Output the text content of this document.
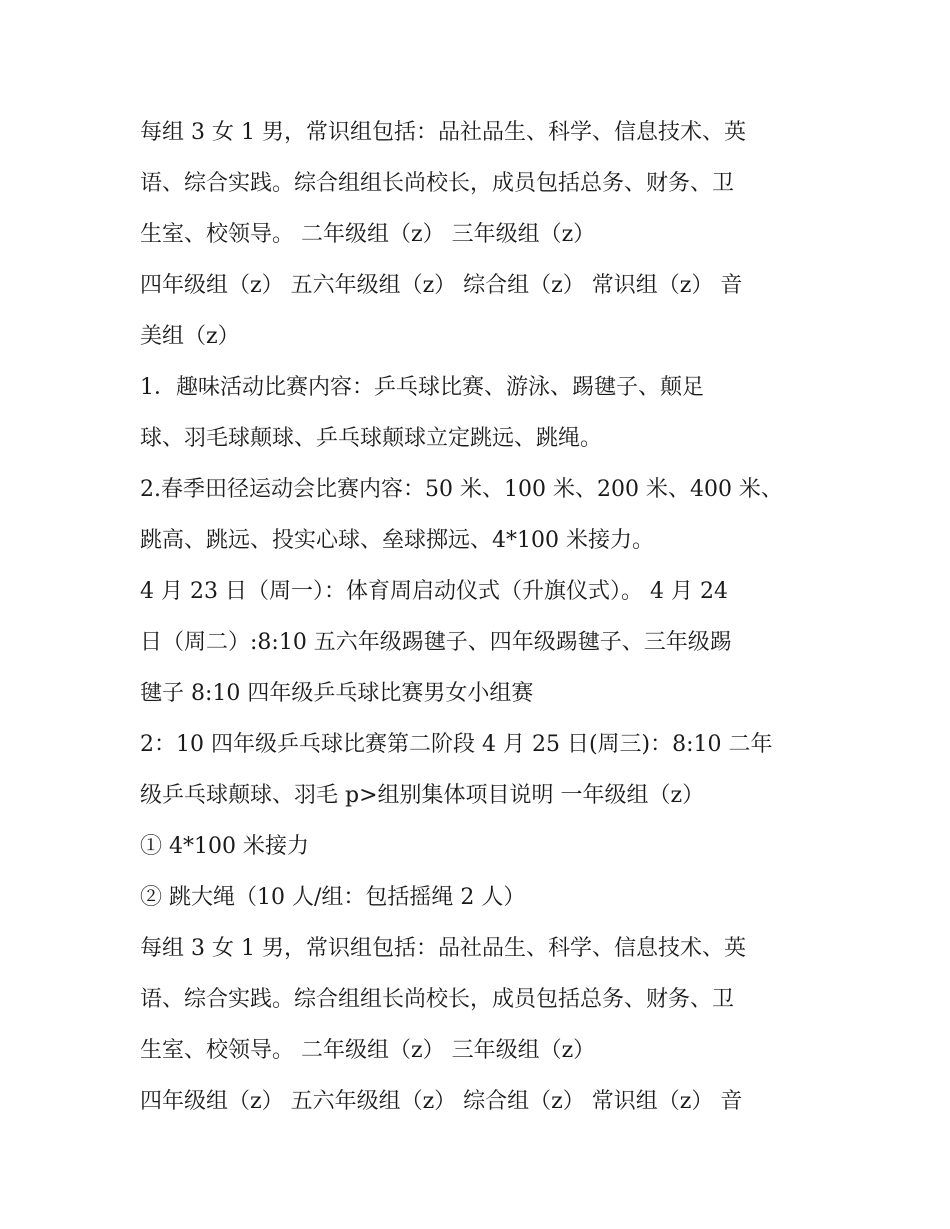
每组 3 女 1 男，常识组包括：品社品生、科学、信息技术、英
语、综合实践。综合组组长尚校长，成员包括总务、财务、卫
生室、校领导。 二年级组（z） 三年级组（z）
四年级组（z） 五六年级组（z） 综合组（z） 常识组（z） 音
美组（z）
1．趣味活动比赛内容：乒乓球比赛、游泳、踢毽子、颠足
球、羽毛球颠球、乒乓球颠球立定跳远、跳绳。
2.春季田径运动会比赛内容：50 米、100 米、200 米、400 米、
跳高、跳远、投实心球、垒球掷远、4*100 米接力。
4 月 23 日（周一）：体育周启动仪式（升旗仪式）。 4 月 24
日（周二）:8:10 五六年级踢毽子、四年级踢毽子、三年级踢
毽子 8:10 四年级乒乓球比赛男女小组赛
2：10 四年级乒乓球比赛第二阶段 4 月 25 日(周三)：8:10 二年
级乒乓球颠球、羽毛 p>组别集体项目说明 一年级组（z）
① 4*100 米接力
② 跳大绳（10 人/组：包括摇绳 2 人）
每组 3 女 1 男，常识组包括：品社品生、科学、信息技术、英
语、综合实践。综合组组长尚校长，成员包括总务、财务、卫
生室、校领导。 二年级组（z） 三年级组（z）
四年级组（z） 五六年级组（z） 综合组（z） 常识组（z） 音
